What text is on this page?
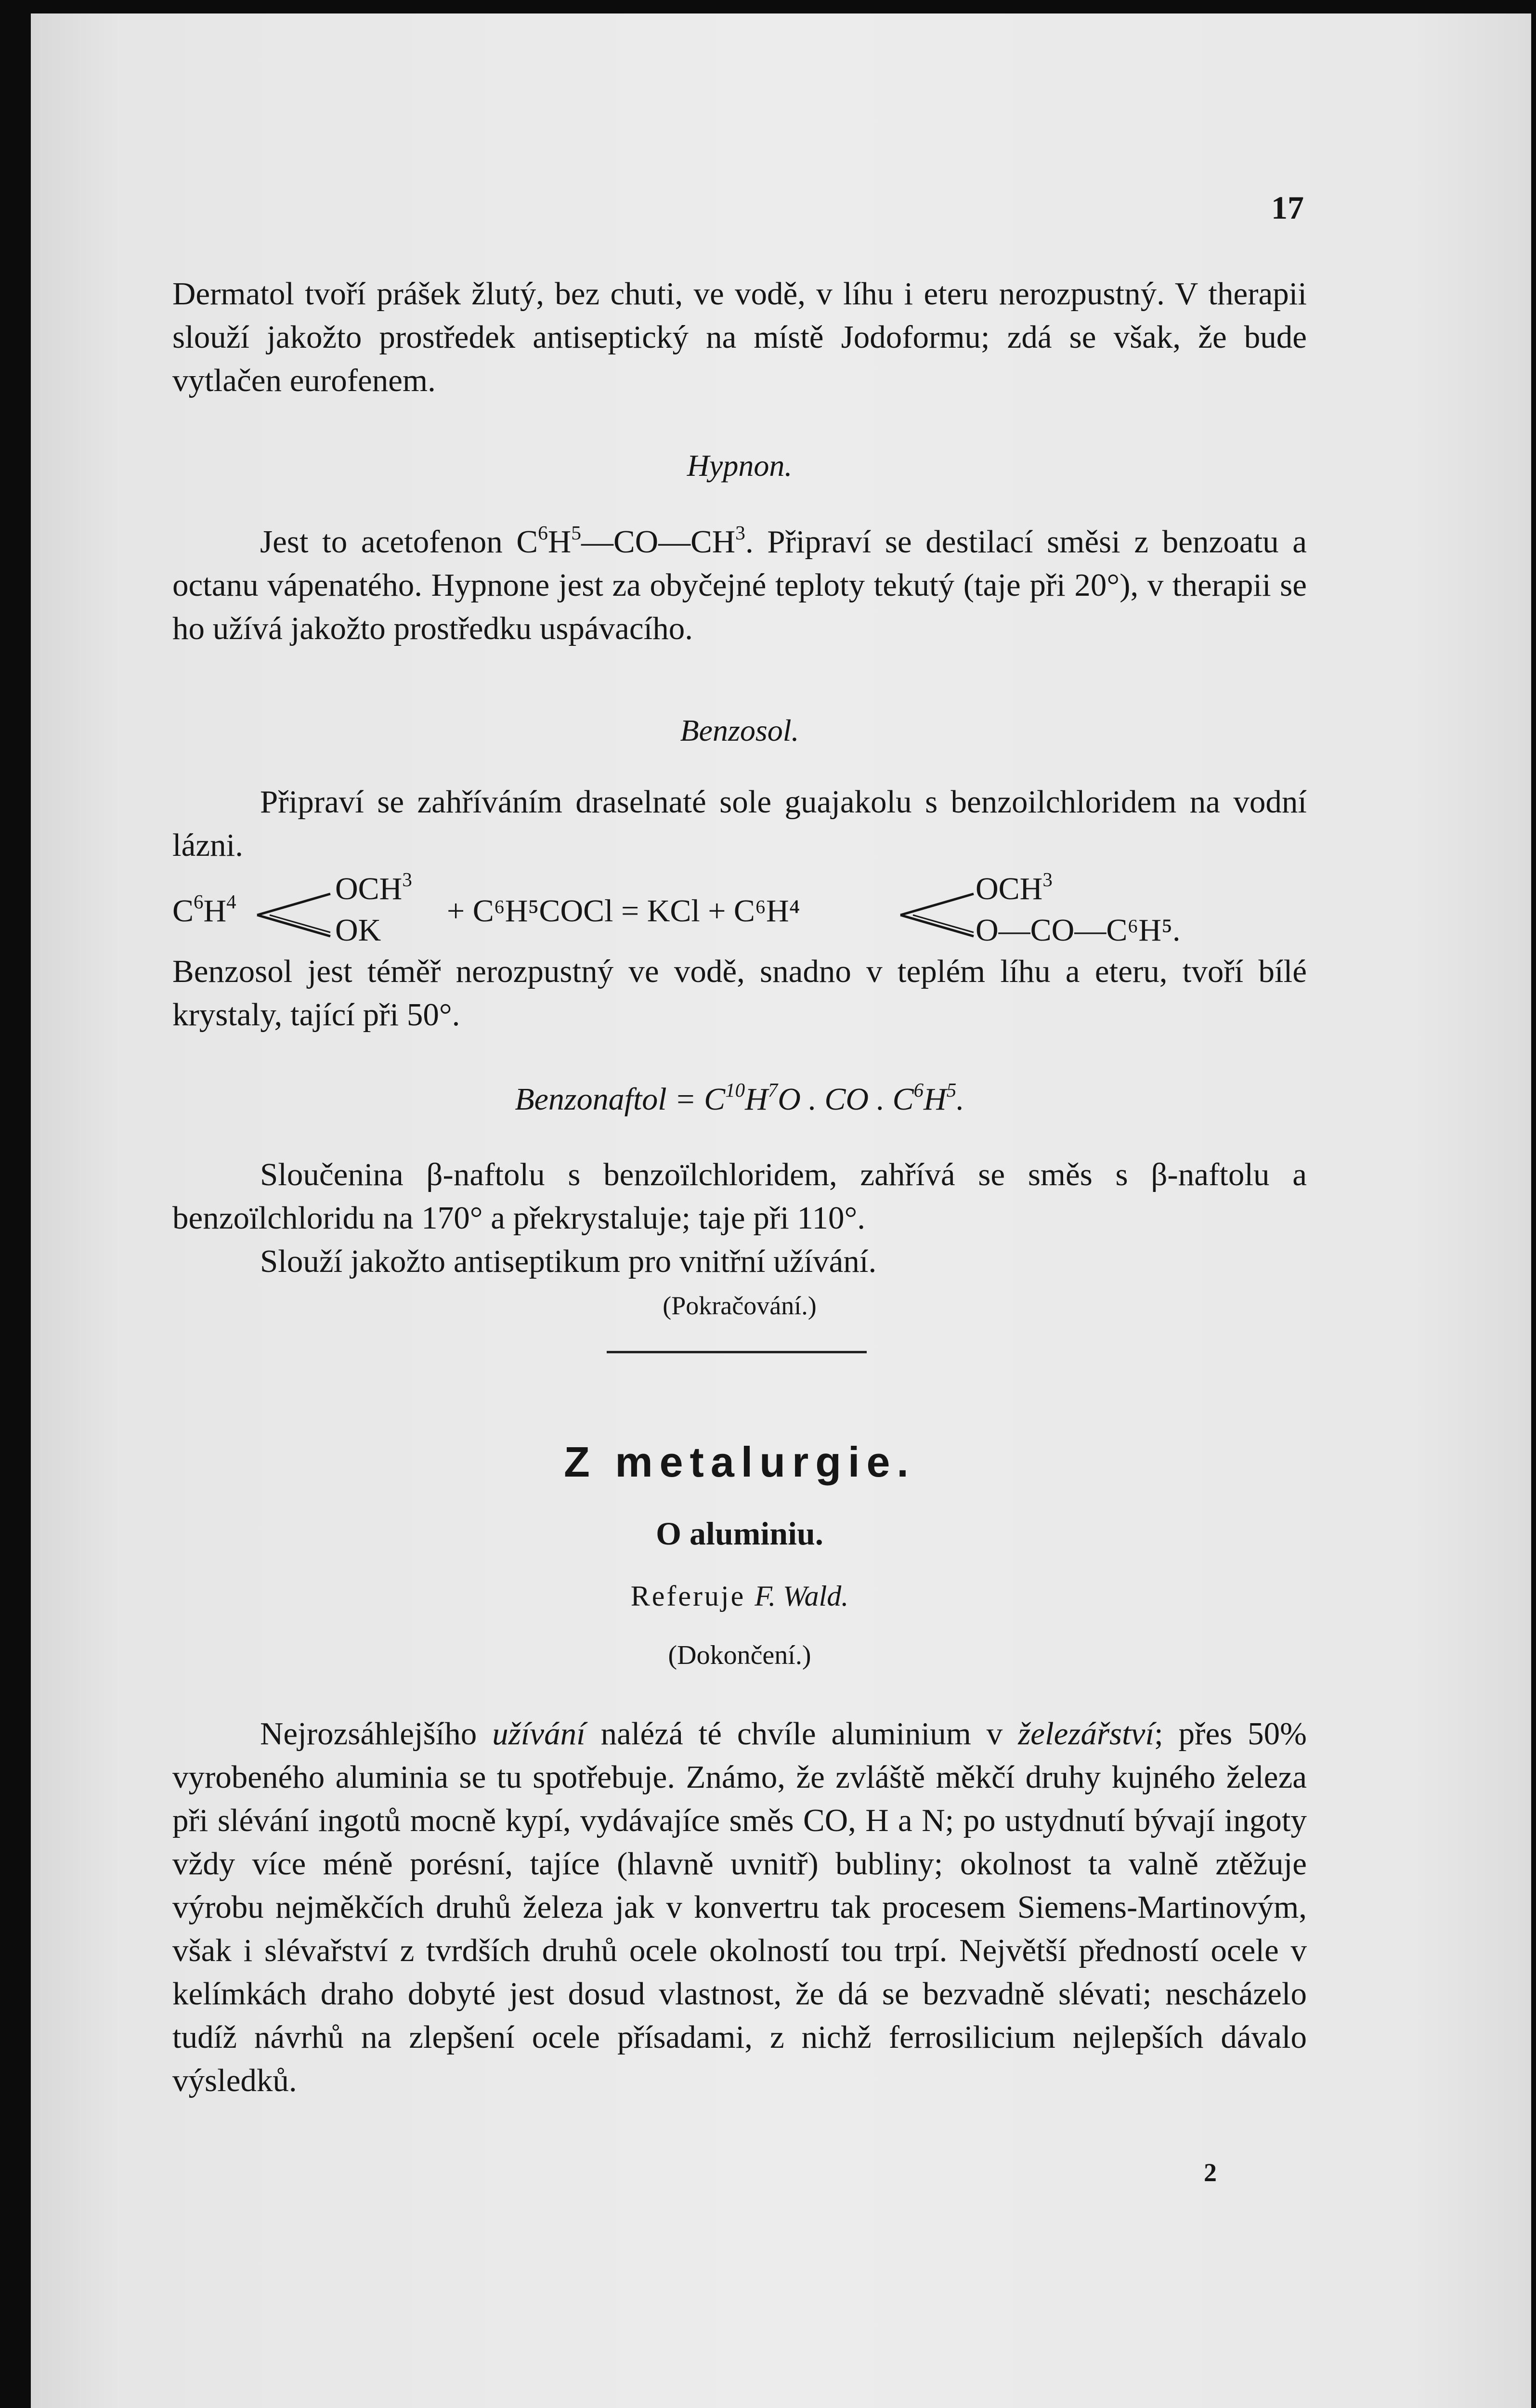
17
Dermatol tvoří prášek žlutý, bez chuti, ve vodě, v líhu i eteru nerozpustný. V therapii slouží jakožto prostředek antiseptický na místě Jodoformu; zdá se však, že bude vytlačen eurofenem.
Hypnon.
Jest to acetofenon $C^6H^5—CO—CH^3$. Připraví se destilací směsi z benzoatu a octanu vápenatého. Hypnone jest za obyčejné teploty tekutý (taje při 20°), v therapii se ho užívá jakožto prostředku uspávacího.
Benzosol.
Připraví se zahříváním draselnaté sole guajakolu s benzoilchloridem na vodní lázni.
$C^6H^4$	OCH$^3$
OK
+ C⁶H⁵COCl = KCl + C⁶H⁴
OCH$^3$
O—CO—C⁶H⁵.
Benzosol jest téměř nerozpustný ve vodě, snadno v teplém líhu a eteru, tvoří bílé krystaly, tající při 50°.
Benzonaftol = $C^{10}H^7O$ . CO . $C^6H^5$.
Sloučenina β-naftolu s benzoïlchloridem, zahřívá se směs s β-naftolu a benzoïlchloridu na 170° a překrystaluje; taje při 110°.
Slouží jakožto antiseptikum pro vnitřní užívání.
(Pokračování.)
Z metalurgie.
O aluminiu.
Referuje F. Wald.
(Dokončení.)
Nejrozsáhlejšího užívání nalézá té chvíle aluminium v železářství; přes 50% vyrobeného aluminia se tu spotřebuje. Známo, že zvláště měkčí druhy kujného železa při slévání ingotů mocně kypí, vydávajíce směs CO, H a N; po ustydnutí bývají ingoty vždy více méně porésní, tajíce (hlavně uvnitř) bubliny; okolnost ta valně ztěžuje výrobu nejměkčích druhů železa jak v konvertru tak procesem Siemens-Martinovým, však i slévařství z tvrdších druhů ocele okolností tou trpí. Největší předností ocele v kelímkách draho dobyté jest dosud vlastnost, že dá se bezvadně slévati; nescházelo tudíž návrhů na zlepšení ocele přísadami, z nichž ferrosilicium nejlepších dávalo výsledků.
2
